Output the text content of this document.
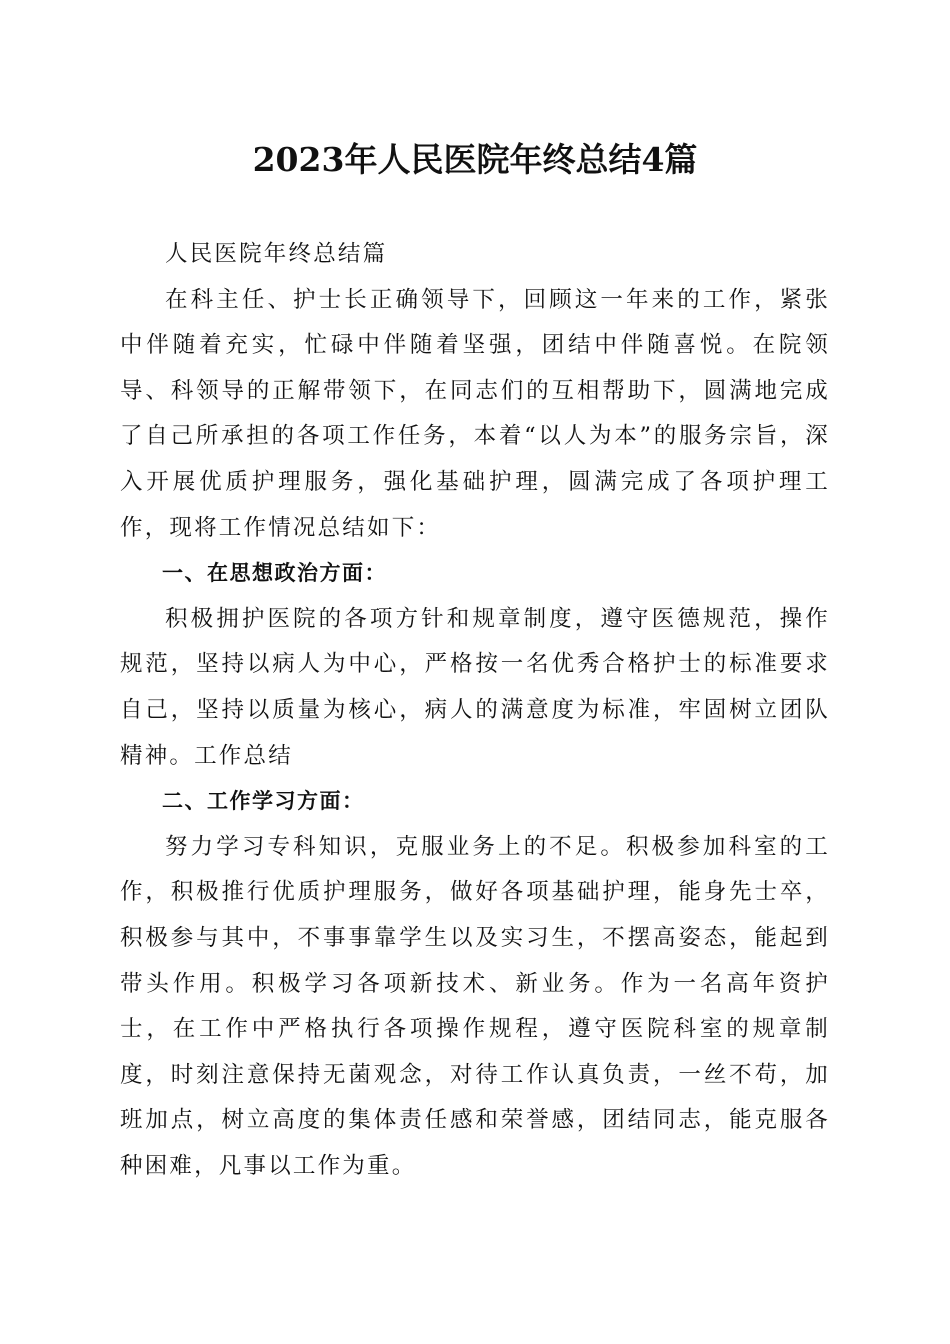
2023年人民医院年终总结4篇

人民医院年终总结篇

在科主任、护士长正确领导下，回顾这一年来的工作，紧张中伴随着充实，忙碌中伴随着坚强，团结中伴随喜悦。在院领导、科领导的正解带领下，在同志们的互相帮助下，圆满地完成了自己所承担的各项工作任务，本着“以人为本”的服务宗旨，深入开展优质护理服务，强化基础护理，圆满完成了各项护理工作，现将工作情况总结如下：

一、在思想政治方面：

积极拥护医院的各项方针和规章制度，遵守医德规范，操作规范，坚持以病人为中心，严格按一名优秀合格护士的标准要求自己，坚持以质量为核心，病人的满意度为标准，牢固树立团队精神。工作总结

二、工作学习方面：

努力学习专科知识，克服业务上的不足。积极参加科室的工作，积极推行优质护理服务，做好各项基础护理，能身先士卒，积极参与其中，不事事靠学生以及实习生，不摆高姿态，能起到带头作用。积极学习各项新技术、新业务。作为一名高年资护士，在工作中严格执行各项操作规程，遵守医院科室的规章制度，时刻注意保持无菌观念，对待工作认真负责，一丝不苟，加班加点，树立高度的集体责任感和荣誉感，团结同志，能克服各种困难，凡事以工作为重。
